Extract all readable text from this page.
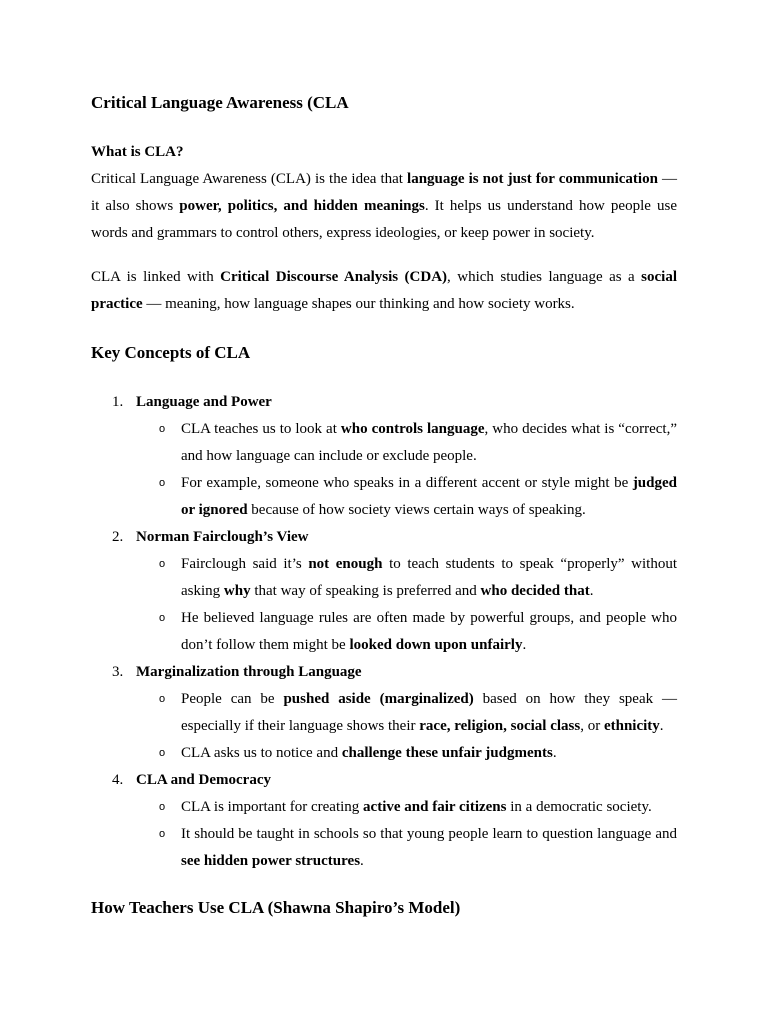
Critical Language Awareness (CLA
What is CLA?

Critical Language Awareness (CLA) is the idea that language is not just for communication — it also shows power, politics, and hidden meanings. It helps us understand how people use words and grammars to control others, express ideologies, or keep power in society.

CLA is linked with Critical Discourse Analysis (CDA), which studies language as a social practice — meaning, how language shapes our thinking and how society works.

Key Concepts of CLA
1. Language and Power
o CLA teaches us to look at who controls language, who decides what is “correct,” and how language can include or exclude people.
o For example, someone who speaks in a different accent or style might be judged or ignored because of how society views certain ways of speaking.
2. Norman Fairclough’s View
o Fairclough said it’s not enough to teach students to speak “properly” without asking why that way of speaking is preferred and who decided that.
o He believed language rules are often made by powerful groups, and people who don’t follow them might be looked down upon unfairly.
3. Marginalization through Language
o People can be pushed aside (marginalized) based on how they speak — especially if their language shows their race, religion, social class, or ethnicity.
o CLA asks us to notice and challenge these unfair judgments.
4. CLA and Democracy
o CLA is important for creating active and fair citizens in a democratic society.
o It should be taught in schools so that young people learn to question language and see hidden power structures.
How Teachers Use CLA (Shawna Shapiro’s Model)
